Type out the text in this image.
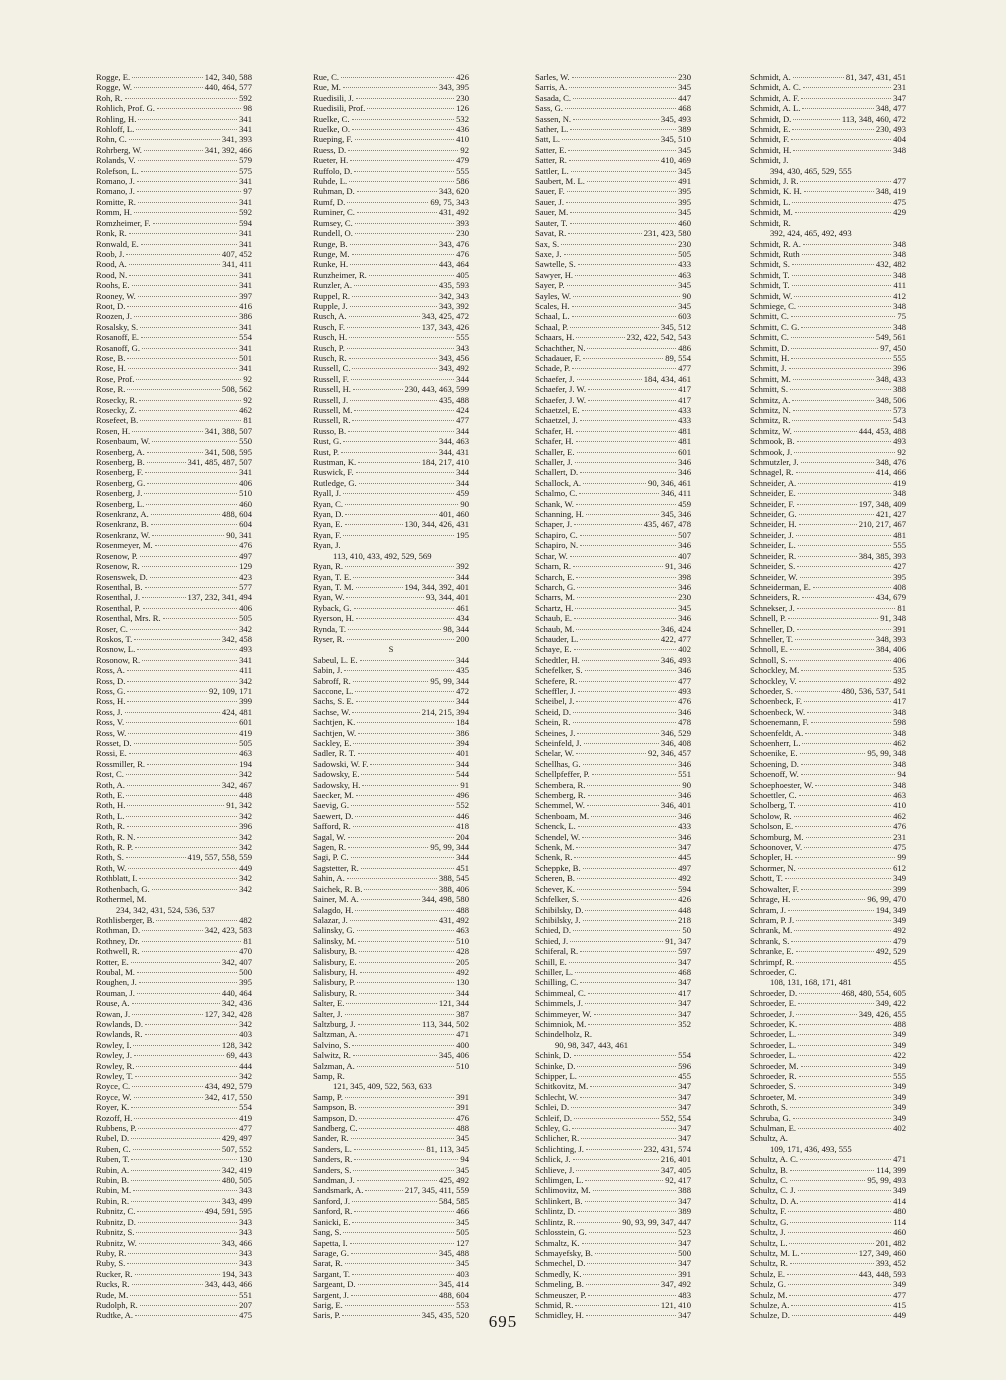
Rogge, E.	142, 340, 588
Rogge, W.	440, 464, 577
Roh, R.	592
Rohlich, Prof. G.	98
Rohling, H.	341
Rohloff, L.	341
Rohn, C.	341, 393
Rohrberg, W.	341, 392, 466
Rolands, V.	579
Rolefson, L.	575
Romano, J.	341
Romano, J.	97
Romitte, R.	341
Romm, H.	592
Romzheimer, F.	594
Ronk, R.	341
Ronwald, E.	341
Roob, J.	407, 452
Rood, A.	341, 411
Rood, N.	341
Roohs, E.	341
Rooney, W.	397
Root, D.	416
Roozen, J.	386
Rosalsky, S.	341
Rosanoff, E.	554
Rosanoff, G.	341
Rose, B.	501
Rose, H.	341
Rose, Prof.	92
Rose, R.	508, 562
Rosecky, R.	92
Rosecky, Z.	462
Rosefeet, B.	81
Rosen, H.	341, 388, 507
Rosenbaum, W.	550
Rosenberg, A.	341, 508, 595
Rosenberg, B.	341, 485, 487, 507
Rosenberg, F.	341
Rosenberg, G.	406
Rosenberg, J.	510
Rosenberg, L.	460
Rosenkranz, A.	488, 604
Rosenkranz, B.	604
Rosenkranz, W.	90, 341
Rosenmeyer, M.	476
Rosenow, P.	497
Rosenow, R.	129
Rosenswek, D.	423
Rosenthal, B.	577
Rosenthal, J.	137, 232, 341, 494
Rosenthal, P.	406
Rosenthal, Mrs. R.	505
Roser, C.	342
Roskos, T.	342, 458
Rosnow, L.	493
Rosonow, R.	341
Ross, A.	411
Ross, D.	342
Ross, G.	92, 109, 171
Ross, H.	399
Ross, J.	424, 481
Ross, V.	601
Ross, W.	419
Rosset, D.	505
Rossi, E.	463
Rossmiller, R.	194
Rost, C.	342
Roth, A.	342, 467
Roth, E.	448
Roth, H.	91, 342
Roth, L.	342
Roth, R.	396
Roth, R. N.	342
Roth, R. P.	342
Roth, S.	419, 557, 558, 559
Roth, W.	449
Rothblatt, I.	342
Rothenbach, G.	342
Rothermel, M.
234, 342, 431, 524, 536, 537
Rothlisberger, B.	482
Rothman, D.	342, 423, 583
Rothney, Dr.	81
Rothwell, R.	470
Rotter, E.	342, 407
Roubal, M.	500
Roughen, J.	395
Rouman, J.	440, 464
Rouse, A.	342, 436
Rowan, J.	127, 342, 428
Rowlands, D.	342
Rowlands, R.	403
Rowley, I.	128, 342
Rowley, J.	69, 443
Rowley, R.	444
Rowley, T.	342
Royce, C.	434, 492, 579
Royce, W.	342, 417, 550
Royer, K.	554
Rozoff, H.	419
Rubbens, P.	477
Rubel, D.	429, 497
Ruben, C.	507, 552
Ruben, T.	130
Rubin, A.	342, 419
Rubin, B.	480, 505
Rubin, M.	343
Rubin, R.	343, 499
Rubnitz, C.	494, 591, 595
Rubnitz, D.	343
Rubnitz, S.	343
Rubnitz, W.	343, 466
Ruby, R.	343
Ruby, S.	343
Rucker, R.	194, 343
Rucks, R.	343, 443, 466
Rude, M.	551
Rudolph, R.	207
Rudtke, A.	475
Rue, C.	426
Rue, M.	343, 395
Ruedisili, J.	230
Ruedisili, Prof.	126
Ruelke, C.	532
Ruelke, O.	436
Rueping, F.	410
Ruess, D.	92
Rueter, H.	479
Ruffolo, D.	555
Ruhde, L.	586
Ruhman, D.	343, 620
Rumf, D.	69, 75, 343
Ruminer, C.	431, 492
Rumsey, C.	393
Rundell, O.	230
Runge, B.	343, 476
Runge, M.	476
Runke, H.	443, 464
Runzheimer, R.	405
Runzler, A.	435, 593
Ruppel, R.	342, 343
Rupple, J.	343, 392
Rusch, A.	343, 425, 472
Rusch, F.	137, 343, 426
Rusch, H.	555
Rusch, P.	343
Rusch, R.	343, 456
Russell, C.	343, 492
Russell, F.	344
Russell, H.	230, 443, 463, 599
Russell, J.	435, 488
Russell, M.	424
Russell, R.	477
Russo, B.	344
Rust, G.	344, 463
Rust, P.	344, 431
Rustman, K.	184, 217, 410
Ruswick, F.	344
Rutledge, G.	344
Ryall, J.	459
Ryan, C.	90
Ryan, D.	401, 460
Ryan, E.	130, 344, 426, 431
Ryan, F.	195
Ryan, J.
113, 410, 433, 492, 529, 569
Ryan, R.	392
Ryan, T. E.	344
Ryan, T. M.	194, 344, 392, 401
Ryan, W.	93, 344, 401
Ryback, G.	461
Ryerson, H.	434
Rynda, T.	98, 344
Ryser, R.	200
S
Sabeul, L. E.	344
Sabin, J.	435
Sabroff, R.	95, 99, 344
Saccone, L.	472
Sachs, S. E.	344
Sachse, W.	214, 215, 394
Sachtjen, K.	184
Sachtjen, W.	386
Sackley, E.	394
Sadler, R. T.	401
Sadowski, W. F.	344
Sadowsky, E.	544
Sadowsky, H.	91
Saecker, M.	496
Saevig, G.	552
Saewert, D.	446
Safford, R.	418
Sagal, W.	204
Sagen, R.	95, 99, 344
Sagi, P. C.	344
Sagstetter, R.	451
Sahin, A.	388, 545
Saichek, R. B.	388, 406
Sainer, M. A.	344, 498, 580
Salagdo, H.	488
Salazar, J.	431, 492
Salinsky, G.	463
Salinsky, M.	510
Salisbury, B.	428
Salisbury, E.	205
Salisbury, H.	492
Salisbury, P.	130
Salisbury, R.	344
Salter, E.	121, 344
Salter, J.	387
Saltzburg, J.	113, 344, 502
Saltzman, A.	471
Salvino, S.	400
Salwitz, R.	345, 406
Salzman, A.	510
Samp, R.
121, 345, 409, 522, 563, 633
Samp, P.	391
Sampson, B.	391
Sampson, D.	476
Sandberg, C.	488
Sander, R.	345
Sanders, L.	81, 113, 345
Sanders, R.	94
Sanders, S.	345
Sandman, J.	425, 492
Sandsmark, A.	217, 345, 411, 559
Sanford, J.	584, 585
Sanford, R.	466
Sanicki, E.	345
Sang, S.	505
Sapetta, I.	127
Sarage, G.	345, 488
Sarat, R.	345
Sargant, T.	403
Sargeant, D.	345, 414
Sargent, J.	488, 604
Sarig, E.	553
Saris, P.	345, 435, 520
Sarles, W.	230
Sarris, A.	345
Sasada, C.	447
Sass, G.	468
Sassen, N.	345, 493
Sather, L.	389
Satt, L.	345, 510
Satter, E.	345
Satter, R.	410, 469
Sattler, L.	345
Saubert, M. L.	491
Sauer, F.	395
Sauer, J.	395
Sauer, M.	345
Sauter, T.	460
Savat, R.	231, 423, 580
Sax, S.	230
Saxe, J.	505
Sawtelle, S.	433
Sawyer, H.	463
Sayer, P.	345
Sayles, W.	90
Scales, H.	345
Schaal, L.	603
Schaal, P.	345, 512
Schaars, H.	232, 422, 542, 543
Schachther, N.	486
Schadauer, F.	89, 554
Schade, P.	477
Schaefer, J.	184, 434, 461
Schaefer, J. W.	417
Schaefer, J. W.	417
Schaetzel, E.	433
Schaetzel, J.	433
Schafer, H.	481
Schafer, H.	481
Schaller, E.	601
Schaller, J.	346
Schallert, D.	346
Schallock, A.	90, 346, 461
Schalmo, C.	346, 411
Schank, W.	459
Schanning, H.	345, 346
Schaper, J.	435, 467, 478
Schapiro, C.	507
Schapiro, N.	346
Schar, W.	407
Scharn, R.	91, 346
Scharch, E.	398
Scharch, G.	346
Scharrs, M.	230
Schartz, H.	345
Schaub, E.	346
Schaub, M.	346, 424
Schauder, L.	422, 477
Schaye, E.	402
Schedtler, H.	346, 493
Schefelker, S.	346
Schefere, R.	477
Scheffler, J.	493
Scheibel, J.	476
Scheid, D.	346
Schein, R.	478
Scheines, J.	346, 529
Scheinfeld, J.	346, 408
Schelar, W.	92, 346, 457
Schellhas, G.	346
Schellpfeffer, P.	551
Schembera, R.	90
Schemberg, R.	346
Schemmel, W.	346, 401
Schenboam, M.	346
Schenck, L.	433
Schendel, W.	346
Schenk, M.	347
Schenk, R.	445
Scheppke, B.	497
Scheren, B.	492
Schever, K.	594
Schfelker, S.	426
Schibilsky, D.	448
Schibilsky, J.	218
Schied, D.	50
Schied, J.	91, 347
Schiferal, R.	597
Schill, E.	347
Schiller, L.	468
Schilling, C.	347
Schimmeal, C.	417
Schimmels, J.	347
Schimmeyer, W.	347
Schimniok, M.	352
Schindelholz, R.
90, 98, 347, 443, 461
Schink, D.	554
Schinke, D.	596
Schipper, L.	455
Schitkovitz, M.	347
Schlecht, W.	347
Schlei, D.	347
Schleif, D.	552, 554
Schley, G.	347
Schlicher, R.	347
Schlichting, J.	232, 431, 574
Schlick, J.	216, 401
Schlieve, J.	347, 405
Schlimgen, L.	92, 417
Schlimovitz, M.	388
Schlinkert, B.	347
Schlintz, D.	389
Schlintz, R.	90, 93, 99, 347, 447
Schlosstein, G.	523
Schmaltz, K.	347
Schmayefsky, B.	500
Schmechel, D.	347
Schmedly, K.	391
Schmeling, B.	347, 492
Schmeuszer, P.	483
Schmid, R.	121, 410
Schmidley, H.	347
Schmidt, A.	81, 347, 431, 451
Schmidt, A. C.	231
Schmidt, A. F.	347
Schmidt, A. L.	348, 477
Schmidt, D.	113, 348, 460, 472
Schmidt, E.	230, 493
Schmidt, F.	404
Schmidt, H.	348
Schmidt, J.
394, 430, 465, 529, 555
Schmidt, J. R.	477
Schmidt, K. H.	348, 419
Schmidt, L.	475
Schmidt, M.	429
Schmidt, R.
392, 424, 465, 492, 493
Schmidt, R. A.	348
Schmidt, Ruth	348
Schmidt, S.	432, 482
Schmidt, T.	348
Schmidt, T.	411
Schmidt, W.	412
Schmiege, C.	348
Schmitt, C.	75
Schmitt, C. G.	348
Schmitt, C.	549, 561
Schmitt, D.	97, 450
Schmitt, H.	555
Schmitt, J.	396
Schmitt, M.	348, 433
Schmitt, S.	388
Schmitz, A.	348, 506
Schmitz, N.	573
Schmitz, R.	543
Schmitz, W.	444, 453, 488
Schmook, B.	493
Schmook, J.	92
Schmutzler, J.	348, 476
Schnagel, R.	414, 466
Schneider, A.	419
Schneider, E.	348
Schneider, F.	197, 348, 409
Schneider, G.	421, 427
Schneider, H.	210, 217, 467
Schneider, J.	481
Schneider, L.	555
Schneider, R.	384, 385, 393
Schneider, S.	427
Schneider, W.	395
Schneiderman, E.	408
Schneiders, R.	434, 679
Schnekser, J.	81
Schnell, P.	91, 348
Schneller, D.	391
Schneller, T.	348, 393
Schnoll, E.	384, 406
Schnoll, S.	406
Schockley, M.	535
Schockley, V.	492
Schoeder, S.	480, 536, 537, 541
Schoenbeck, F.	417
Schoenbeck, W.	348
Schoenemann, F.	598
Schoenfeldt, A.	348
Schoenherr, L.	462
Schoenike, E.	95, 99, 348
Schoening, D.	348
Schoenoff, W.	94
Schoephoester, W.	348
Schoettler, C.	463
Scholberg, T.	410
Scholow, R.	462
Scholson, E.	476
Schomburg, M.	231
Schoonover, V.	475
Schopler, H.	99
Schormer, N.	612
Schott, T.	349
Schowalter, F.	399
Schrage, H.	96, 99, 470
Schram, J.	194, 349
Schram, P. J.	349
Schrank, M.	492
Schrank, S.	479
Schranke, E.	492, 529
Schrimpf, R.	455
Schroeder, C.
108, 131, 168, 171, 481
Schroeder, D.	468, 480, 554, 605
Schroeder, E.	349, 422
Schroeder, J.	349, 426, 455
Schroeder, K.	488
Schroeder, L.	349
Schroeder, L.	349
Schroeder, L.	422
Schroeder, M.	349
Schroeder, R.	555
Schroeder, S.	349
Schroeter, M.	349
Schroth, S.	349
Schruba, G.	349
Schulman, E.	402
Schultz, A.
109, 171, 436, 493, 555
Schultz, A. C.	471
Schultz, B.	114, 399
Schultz, C.	95, 99, 493
Schultz, C. J.	349
Schultz, D. A.	414
Schultz, F.	480
Schultz, G.	114
Schultz, J.	460
Schultz, L.	201, 482
Schultz, M. L.	127, 349, 460
Schultz, R.	393, 452
Schulz, E.	443, 448, 593
Schulz, G.	349
Schulz, M.	477
Schulze, A.	415
Schulze, D.	449
695
